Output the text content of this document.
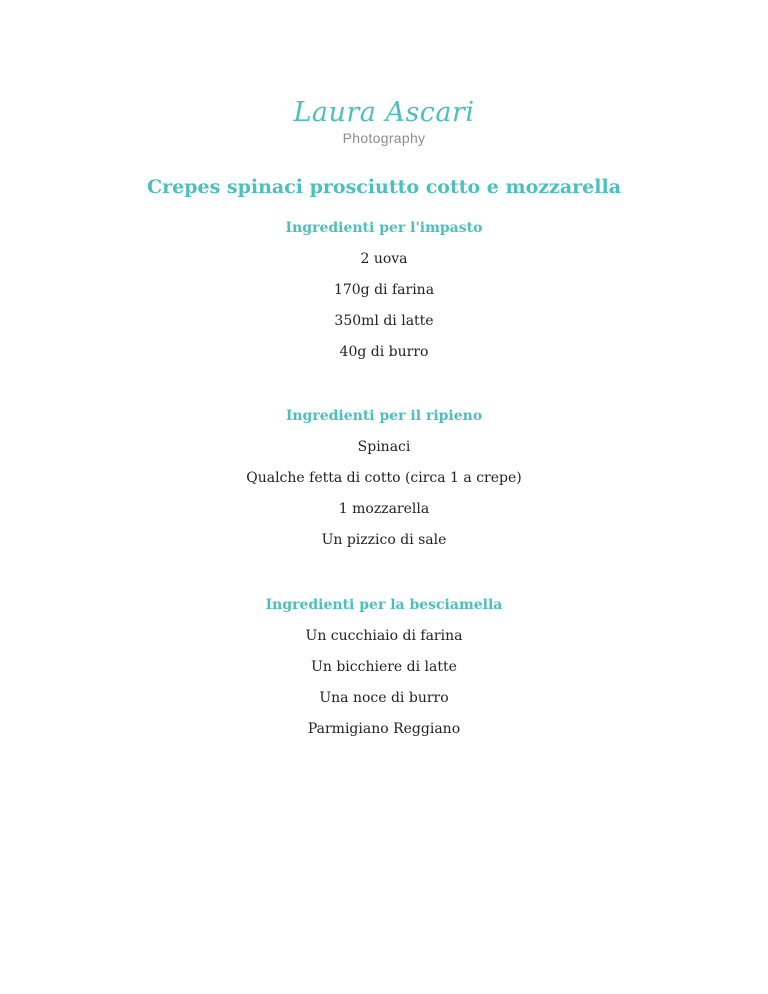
Laura Ascari
Photography
Crepes spinaci prosciutto cotto e mozzarella

Ingredienti per l'impasto

2 uova

170g di farina

350ml di latte

40g di burro

Ingredienti per il ripieno

Spinaci

Qualche fetta di cotto (circa 1 a crepe)

1 mozzarella

Un pizzico di sale

Ingredienti per la besciamella

Un cucchiaio di farina

Un bicchiere di latte

Una noce di burro

Parmigiano Reggiano
